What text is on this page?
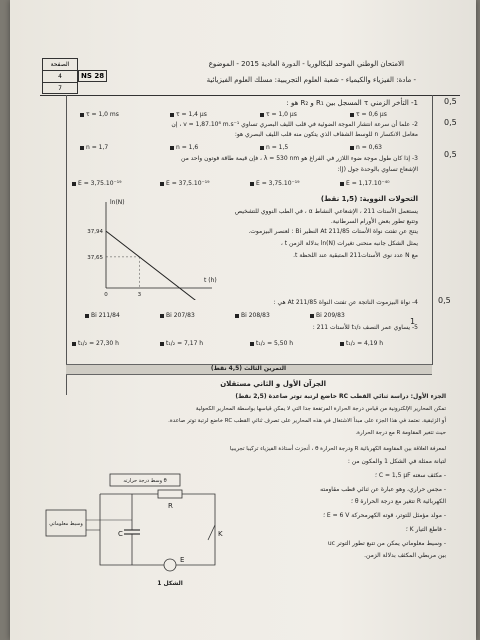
الصفحة
4
7
NS 28
الامتحان الوطني الموحد للبكالوريا - الدورة العادية 2015 - الموضوع
- مادة: الفيزياء والكيمياء - شعبة العلوم التجريبية: مسلك العلوم الفيزيائية
0,5
0,5
0,5
0,5
1
1- التأخر الزمني τ المسجل بين R₁ و R₂ هو :
τ = 1,0 ms	τ = 1,4 μs	τ = 1,0 μs	τ = 0,6 μs
2- علما أن سرعة انتشار الموجة الضوئية في قلب الليف البصري تساوي v = 1,87.10⁸ m.s⁻¹ ، إن
معامل الانكسار n للوسط الشفاف الذي يتكون منه قلب الليف البصري هو:
n = 1,7	n = 1,6	n = 1,5	n = 0,63
3- إذا كان طول موجة ضوء اللازر في الفراغ هو λ = 530 nm ، فإن قيمة طاقة فوتون واحد من
الإشعاع تساوي بالوحدة جول (J):
E = 3,75.10⁻¹⁹	E = 37,5.10⁻¹⁹	E = 3,75.10⁻¹⁹	E = 1,17.10⁻⁴⁰
التحولات النووية: (1,5 نقط)
يستعمل الأستات 211 ، الإشعاعي النشاط α ، في الطب النووي للتشخيص
وتتبع تطور بعض الأورام السرطانية.
ينتج عن تفتت نواة الأستات At 211/85 النظير Bi : لعنصر البيزموت.
يمثل الشكل جانبه منحنى تغيرات ln(N) بدلالة الزمن t ،
مع N عدد نوى الأستات211 المتبقية عند اللحظة t.
ln(N)
t (h)
37,94
37,65
0	3
4- نواة البيزموت الناتجة عن تفتت النواة At 211/85 هي :
Bi 211/84	Bi 207/83	Bi 208/83	Bi 209/83
5- يساوي عمر النصف t₁/₂ للأستات 211 :
t₁/₂ = 27,30 h	t₁/₂ = 7,17 h	t₁/₂ = 5,50 h	t₁/₂ = 4,19 h
التمرين الثالث (4,5 نقط)
الجزآن الأول و الثاني مستقلان
الجزء الأول: دراسة ثنائي القطب RC خاضع لرتبة توتر صاعدة (2,5 نقط)
تمكن المحارير الإلكترونية من قياس درجة الحرارة المرتفعة جدا التي لا يمكن قياسها بواسطة المحارير الكحولية
أو الزئبقية. نعتمد في هذا الجزء على مبدأ الاشتغال في هذه المحارير على تصرف ثنائي القطب RC خاضع لرتبة توتر صاعدة.
حيث تتغير المقاومة R مع درجة الحرارة.
لمعرفة العلاقة بين المقاومة الكهربائية R ودرجة الحرارة θ ، أنجزت أستاذة الفيزياء تركيبا تجريبيا
لتيانة ممثلة في الشكل 1 والمكون من :
- مكثف سعته C = 1,5 μF ؛
- مجس حراري، وهو عبارة عن ثنائي قطب مقاومته
الكهربائية R تتغير مع درجة الحرارة θ ؛
- مولد مؤمثل للتوتر، قوته الكهرمحركة E = 6 V ؛
- قاطع التيار K ؛
- وسيط معلوماتي يمكن من تتبع تطور التوتر uc
بين مربطي المكثف بدلالة الزمن.
وسط درجة حرارته θ
وسيط معلوماتي
R
C	K
E
الشكل 1
